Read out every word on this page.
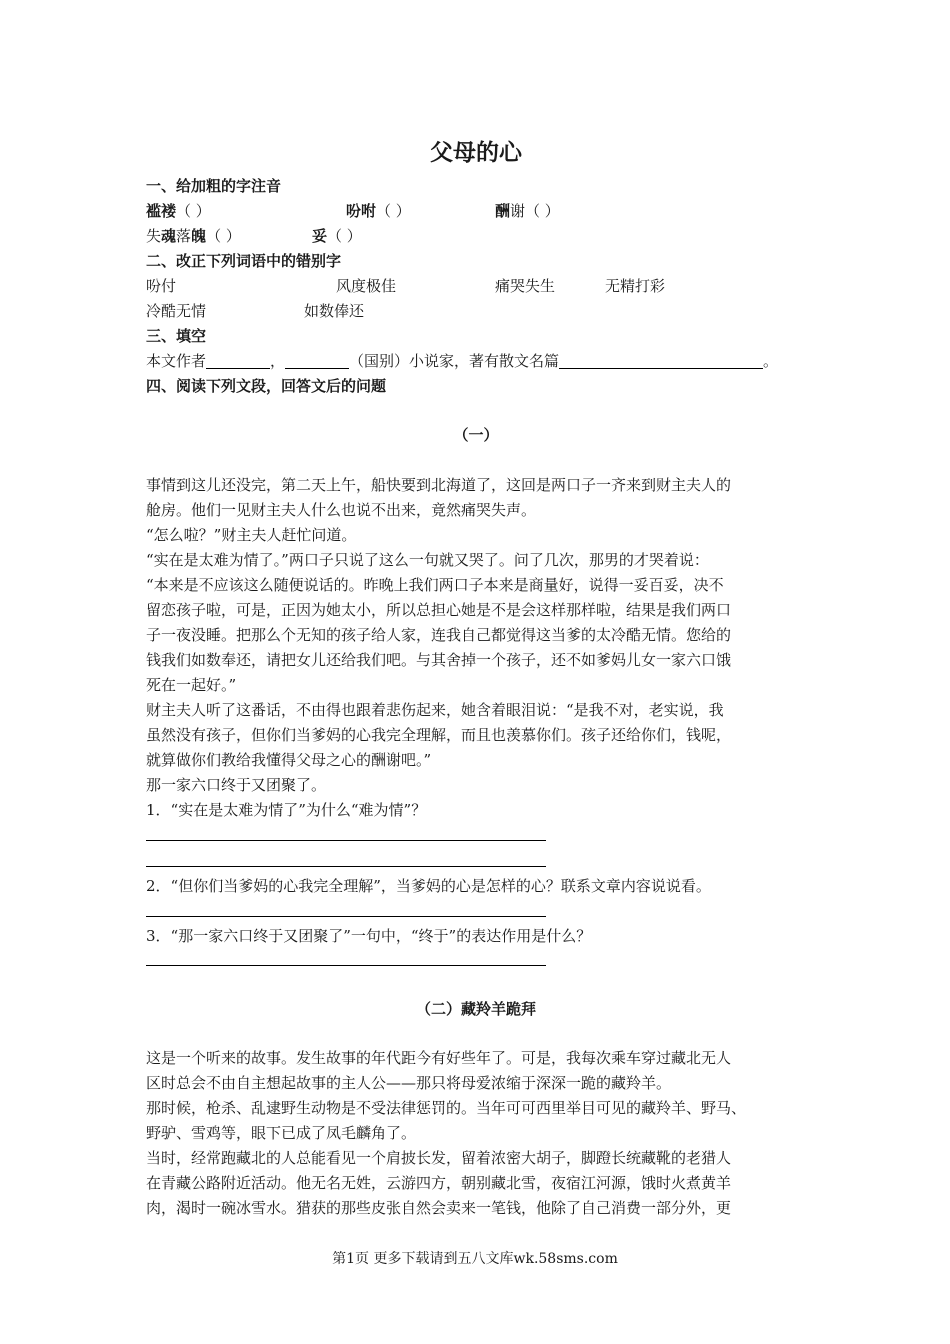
父母的心
一、给加粗的字注音
褴褛（ ）	吩咐（ ）	酬谢（ ）
失魂落魄（ ）	妥（ ）
二、改正下列词语中的错别字
吩付	风度极佳	痛哭失生	无精打彩
冷酷无情	如数俸还
三、填空
本文作者	，	（国别）小说家，著有散文名篇	。
四、阅读下列文段，回答文后的问题
（一）
事情到这儿还没完，第二天上午，船快要到北海道了，这回是两口子一齐来到财主夫人的
舱房。他们一见财主夫人什么也说不出来，竟然痛哭失声。
“怎么啦？”财主夫人赶忙问道。
“实在是太难为情了。”两口子只说了这么一句就又哭了。问了几次，那男的才哭着说：
“本来是不应该这么随便说话的。昨晚上我们两口子本来是商量好，说得一妥百妥，决不
留恋孩子啦，可是，正因为她太小，所以总担心她是不是会这样那样啦，结果是我们两口
子一夜没睡。把那么个无知的孩子给人家，连我自己都觉得这当爹的太冷酷无情。您给的
钱我们如数奉还，请把女儿还给我们吧。与其舍掉一个孩子，还不如爹妈儿女一家六口饿
死在一起好。”
财主夫人听了这番话，不由得也跟着悲伤起来，她含着眼泪说：“是我不对，老实说，我
虽然没有孩子，但你们当爹妈的心我完全理解，而且也羡慕你们。孩子还给你们，钱呢，
就算做你们教给我懂得父母之心的酬谢吧。”
那一家六口终于又团聚了。
1．“实在是太难为情了”为什么“难为情”？
2．“但你们当爹妈的心我完全理解”，当爹妈的心是怎样的心？联系文章内容说说看。
3．“那一家六口终于又团聚了”一句中，“终于”的表达作用是什么？
（二）藏羚羊跪拜
这是一个听来的故事。发生故事的年代距今有好些年了。可是，我每次乘车穿过藏北无人
区时总会不由自主想起故事的主人公——那只将母爱浓缩于深深一跪的藏羚羊。
那时候，枪杀、乱逮野生动物是不受法律惩罚的。当年可可西里举目可见的藏羚羊、野马、
野驴、雪鸡等，眼下已成了凤毛麟角了。
当时，经常跑藏北的人总能看见一个肩披长发，留着浓密大胡子，脚蹬长统藏靴的老猎人
在青藏公路附近活动。他无名无姓，云游四方，朝别藏北雪，夜宿江河源，饿时火煮黄羊
肉，渴时一碗冰雪水。猎获的那些皮张自然会卖来一笔钱，他除了自己消费一部分外，更
第1页 更多下载请到五八文库wk.58sms.com
